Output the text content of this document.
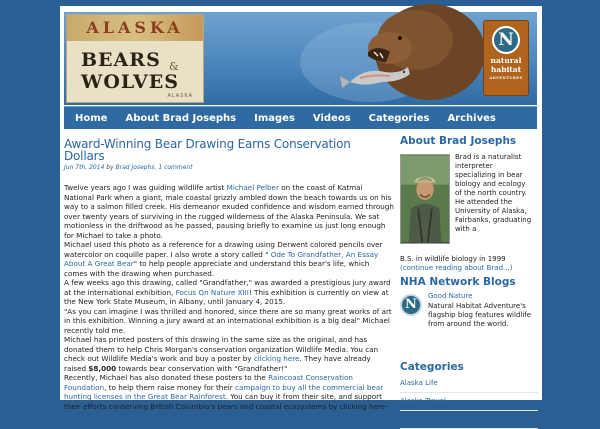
ALASKA
BEARS &
WOLVES
ALASKA
N
natural
habitat
ADVENTURES
Home	About Brad Josephs	Images	Videos	Categories	Archives
Award-Winning Bear Drawing Earns Conservation Dollars
Jun 7th, 2014 by Brad Josephs. 1 comment

Twelve years ago I was guiding wildlife artist Michael Pelber on the coast of Katmai National Park when a giant, male coastal grizzly ambled down the beach towards us on his way to a salmon filled creek. His demeanor exuded confidence and wisdom earned through over twenty years of surviving in the rugged wilderness of the Alaska Peninsula. We sat motionless in the driftwood as he passed, pausing briefly to examine us just long enough for Michael to take a photo.

Michael used this photo as a reference for a drawing using Derwent colored pencils over watercolor on coquille paper. I also wrote a story called " Ode To Grandfather, An Essay About A Great Bear" to help people appreciate and understand this bear's life, which comes with the drawing when purchased.

A few weeks ago this drawing, called "Grandfather," was awarded a prestigious jury award at the international exhibition, Focus On Nature XIII! This exhibition is currently on view at the New York State Museum, in Albany, until January 4, 2015.

"As you can imagine I was thrilled and honored, since there are so many great works of art in this exhibition. Winning a jury award at an international exhibition is a big deal" Michael recently told me.

Michael has printed posters of this drawing in the same size as the original, and has donated them to help Chris Morgan's conservation organization Wildlife Media. You can check out Wildlife Media's work and buy a poster by clicking here. They have already raised $8,000 towards bear conservation with "Grandfather!"

Recently, Michael has also donated these posters to the Raincoast Conservation Foundation, to help them raise money for their campaign to buy all the commercial bear hunting licenses in the Great Bear Rainforest. You can buy it from their site, and support their efforts conserving British Columbia's bears and coastal ecosystems by clicking here-

About Brad Josephs
Brad is a naturalist interpreter specializing in bear biology and ecology of the north country. He attended the University of Alaska, Fairbanks, graduating with a
B.S. in wildlife biology in 1999
(continue reading about Brad...)
NHA Network Blogs
N
Good Nature
Natural Habitat Adventure's flagship blog features wildlife from around the world.
Categories
Alaska Life
Alaska Travel
Aurora Borealis
